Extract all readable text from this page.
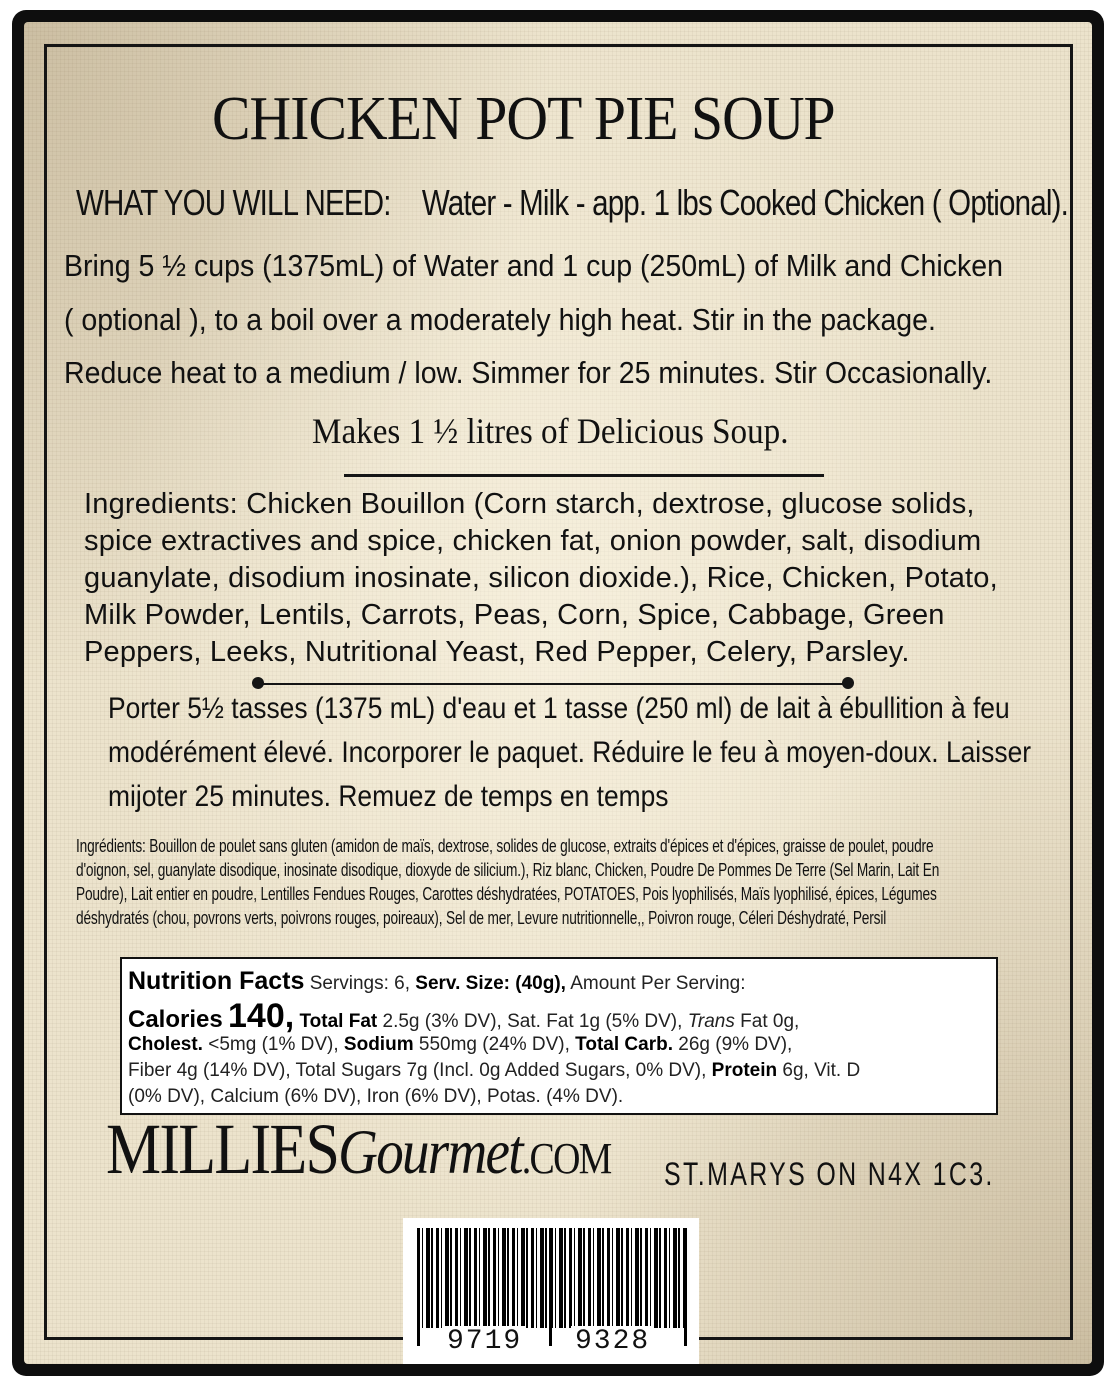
CHICKEN POT PIE SOUP
WHAT YOU WILL NEED: Water - Milk - app. 1 lbs Cooked Chicken ( Optional).
Bring 5 ½ cups (1375mL) of Water and 1 cup (250mL) of Milk and Chicken
( optional ), to a boil over a moderately high heat. Stir in the package.
Reduce heat to a medium / low. Simmer for 25 minutes. Stir Occasionally.
Makes 1 ½ litres of Delicious Soup.
Ingredients: Chicken Bouillon (Corn starch, dextrose, glucose solids,
spice extractives and spice, chicken fat, onion powder, salt, disodium
guanylate, disodium inosinate, silicon dioxide.), Rice, Chicken, Potato,
Milk Powder, Lentils, Carrots, Peas, Corn, Spice, Cabbage, Green
Peppers, Leeks, Nutritional Yeast, Red Pepper, Celery, Parsley.
Porter 5½ tasses (1375 mL) d'eau et 1 tasse (250 ml) de lait à ébullition à feu
modérément élevé. Incorporer le paquet. Réduire le feu à moyen-doux. Laisser
mijoter 25 minutes. Remuez de temps en temps
Ingrédients: Bouillon de poulet sans gluten (amidon de maïs, dextrose, solides de glucose, extraits d'épices et d'épices, graisse de poulet, poudre
d'oignon, sel, guanylate disodique, inosinate disodique, dioxyde de silicium.), Riz blanc, Chicken, Poudre De Pommes De Terre (Sel Marin, Lait En
Poudre), Lait entier en poudre, Lentilles Fendues Rouges, Carottes déshydratées, POTATOES, Pois lyophilisés, Maïs lyophilisé, épices, Légumes
déshydratés (chou, povrons verts, poivrons rouges, poireaux), Sel de mer, Levure nutritionnelle,, Poivron rouge, Céleri Déshydraté, Persil
Nutrition Facts Servings: 6, Serv. Size: (40g), Amount Per Serving:
Calories 140, Total Fat 2.5g (3% DV), Sat. Fat 1g (5% DV), Trans Fat 0g,
Cholest. <5mg (1% DV), Sodium 550mg (24% DV), Total Carb. 26g (9% DV),
Fiber 4g (14% DV), Total Sugars 7g (Incl. 0g Added Sugars, 0% DV), Protein 6g, Vit. D
(0% DV), Calcium (6% DV), Iron (6% DV), Potas. (4% DV).
MILLIESGourmet.COM ST.MARYS ON N4X 1C3.
9719 9328
